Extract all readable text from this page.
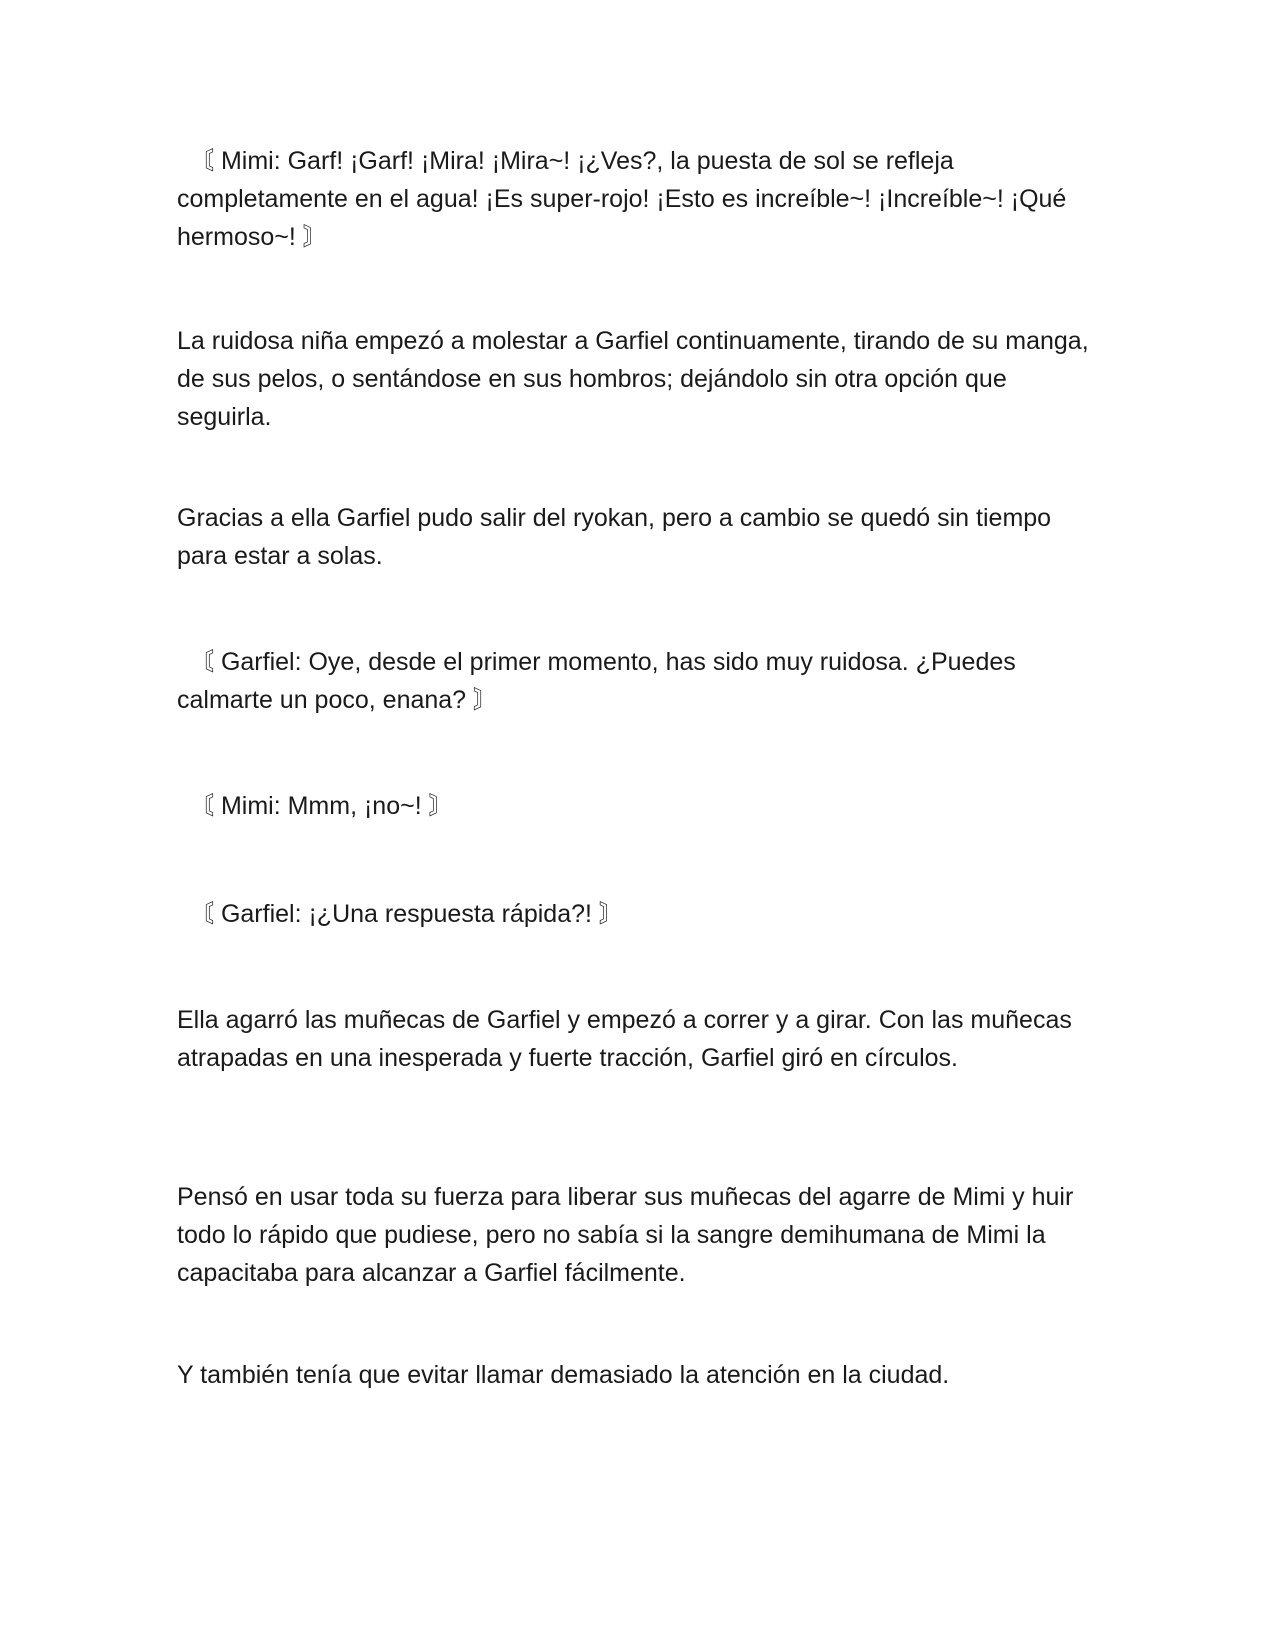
〘 Mimi: Garf! ¡Garf! ¡Mira! ¡Mira~! ¡¿Ves?, la puesta de sol se refleja completamente en el agua! ¡Es super-rojo! ¡Esto es increíble~! ¡Increíble~! ¡Qué hermoso~! 〙

La ruidosa niña empezó a molestar a Garfiel continuamente, tirando de su manga, de sus pelos, o sentándose en sus hombros; dejándolo sin otra opción que seguirla.

Gracias a ella Garfiel pudo salir del ryokan, pero a cambio se quedó sin tiempo para estar a solas.

〘 Garfiel: Oye, desde el primer momento, has sido muy ruidosa. ¿Puedes calmarte un poco, enana? 〙

〘 Mimi: Mmm, ¡no~! 〙

〘 Garfiel: ¡¿Una respuesta rápida?! 〙

Ella agarró las muñecas de Garfiel y empezó a correr y a girar. Con las muñecas atrapadas en una inesperada y fuerte tracción, Garfiel giró en círculos.

Pensó en usar toda su fuerza para liberar sus muñecas del agarre de Mimi y huir todo lo rápido que pudiese, pero no sabía si la sangre demihumana de Mimi la capacitaba para alcanzar a Garfiel fácilmente.

Y también tenía que evitar llamar demasiado la atención en la ciudad.
